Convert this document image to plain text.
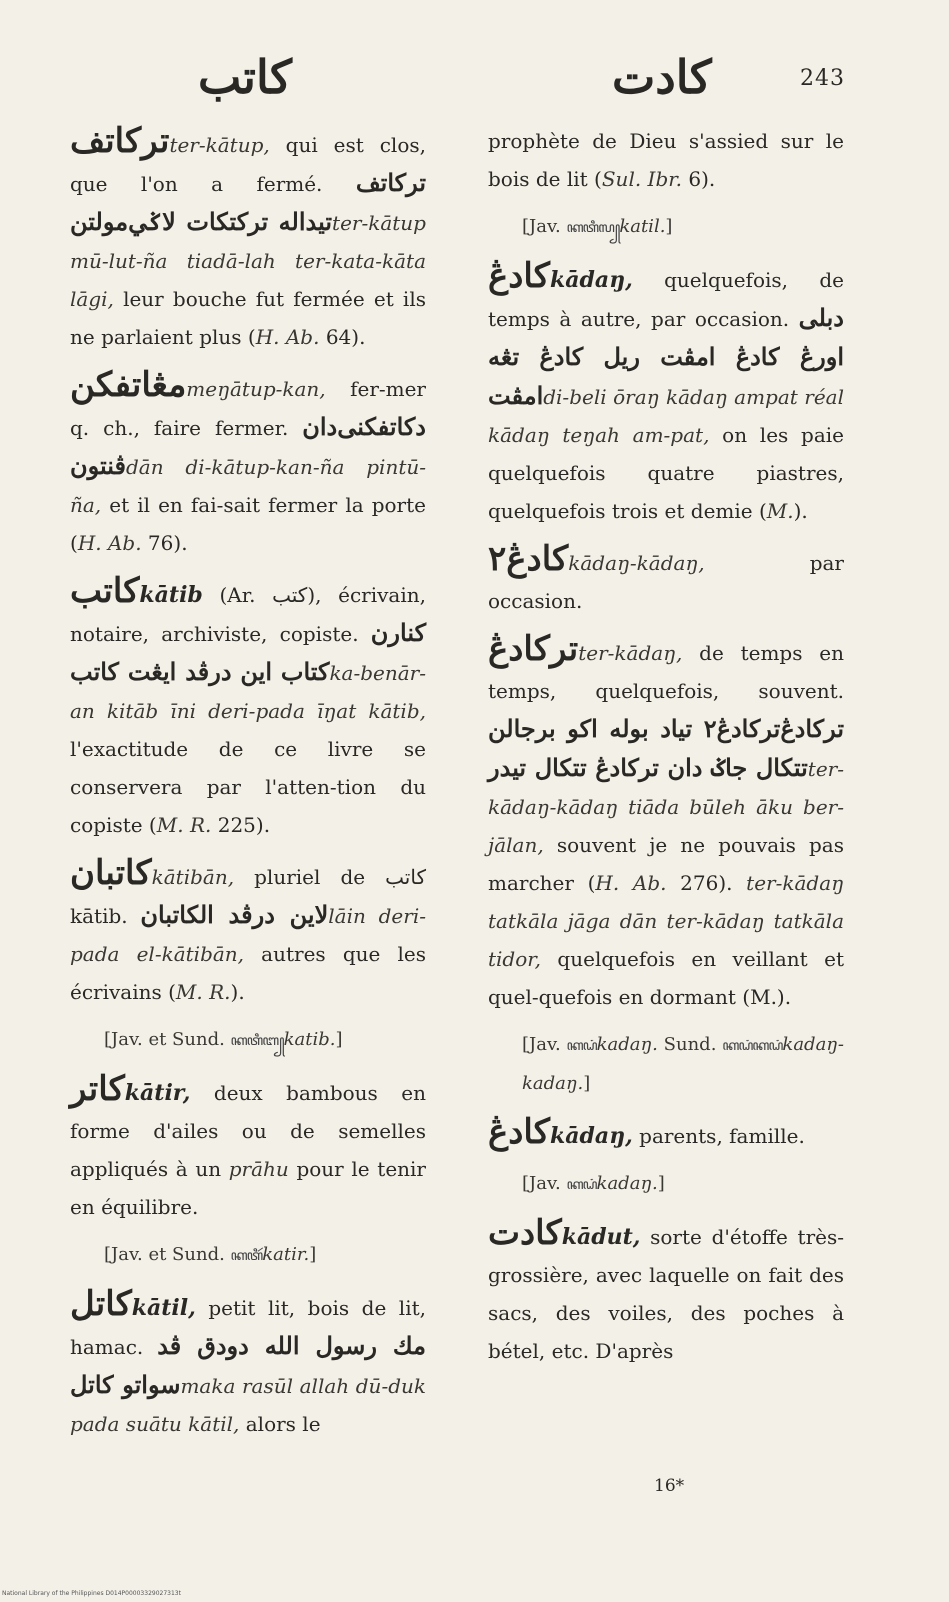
كاتب	كادت	243

تركاتفter-kātup, qui est clos, que l'on a fermé. تركاتف مولتنتيدالە تركتكات لاݢيter-kātup mū-lut-ña tiadā-lah ter-kata-kāta lāgi, leur bouche fut fermée et ils ne parlaient plus (H. Ab. 64).

مڠاتفكنmeŋātup-kan, fer-mer q. ch., faire fermer. داندكاتفكنى ڤنتونdān di-kātup-kan-ña pintū-ña, et il en fai-sait fermer la porte (H. Ab. 76).

كاتبkātib (Ar. كتب), écrivain, notaire, archiviste, copiste. كنارن كتاب اين درڤد ايڠت كاتبka-benār-an kitāb īni deri-pada īŋat kātib, l'exactitude de ce livre se conservera par l'atten-tion du copiste (M. R. 225).

كاتبانkātibān, pluriel de كاتب kātib. لاين درڤد الكاتبانlāin deri-pada el-kātibān, autres que les écrivains (M. R.).

[Jav. et Sund. ꦏꦠꦶꦧ꧀katib.]

كاترkātir, deux bambous en forme d'ailes ou de semelles appliqués à un prāhu pour le tenir en équilibre.

[Jav. et Sund. ꦏꦠꦶꦂkatir.]

كاتلkātil, petit lit, bois de lit, hamac. مك رسول الله دودق ڤد سواتو كاتلmaka rasūl allah dū-duk pada suātu kātil, alors le

prophète de Dieu s'assied sur le bois de lit (Sul. Ibr. 6).

[Jav. ꦏꦠꦶꦭ꧀katil.]

كادڠkādaŋ, quelquefois, de temps à autre, par occasion. دبلى اورڠ كادڠ امڤت ريل كادڠ تڠه امڤتdi-beli ōraŋ kādaŋ ampat réal kādaŋ teŋah am-pat, on les paie quelquefois quatre piastres, quelquefois trois et demie (M.).

كادڠ٢kādaŋ-kādaŋ, par occasion.

تركادڠter-kādaŋ, de temps en temps, quelquefois, souvent. تركادڠ٢ تياد بوله اكو برجالنتركادڠ تتكال جاݢ دان تركادڠ تتكال تيدرter-kādaŋ-kādaŋ tiāda būleh āku ber-jālan, souvent je ne pouvais pas marcher (H. Ab. 276). ter-kādaŋ tatkāla jāga dān ter-kādaŋ tatkāla tidor, quelquefois en veillant et quel-quefois en dormant (M.).

[Jav. ꦏꦝꦁkadaŋ. Sund. ꦏꦝꦁꦏꦝꦁkadaŋ-kadaŋ.]

كادڠkādaŋ, parents, famille.

[Jav. ꦏꦝꦁkadaŋ.]

كادتkādut, sorte d'étoffe très-grossière, avec laquelle on fait des sacs, des voiles, des poches à bétel, etc. D'après

16*
National Library of the Philippines D014P00003329027313t
